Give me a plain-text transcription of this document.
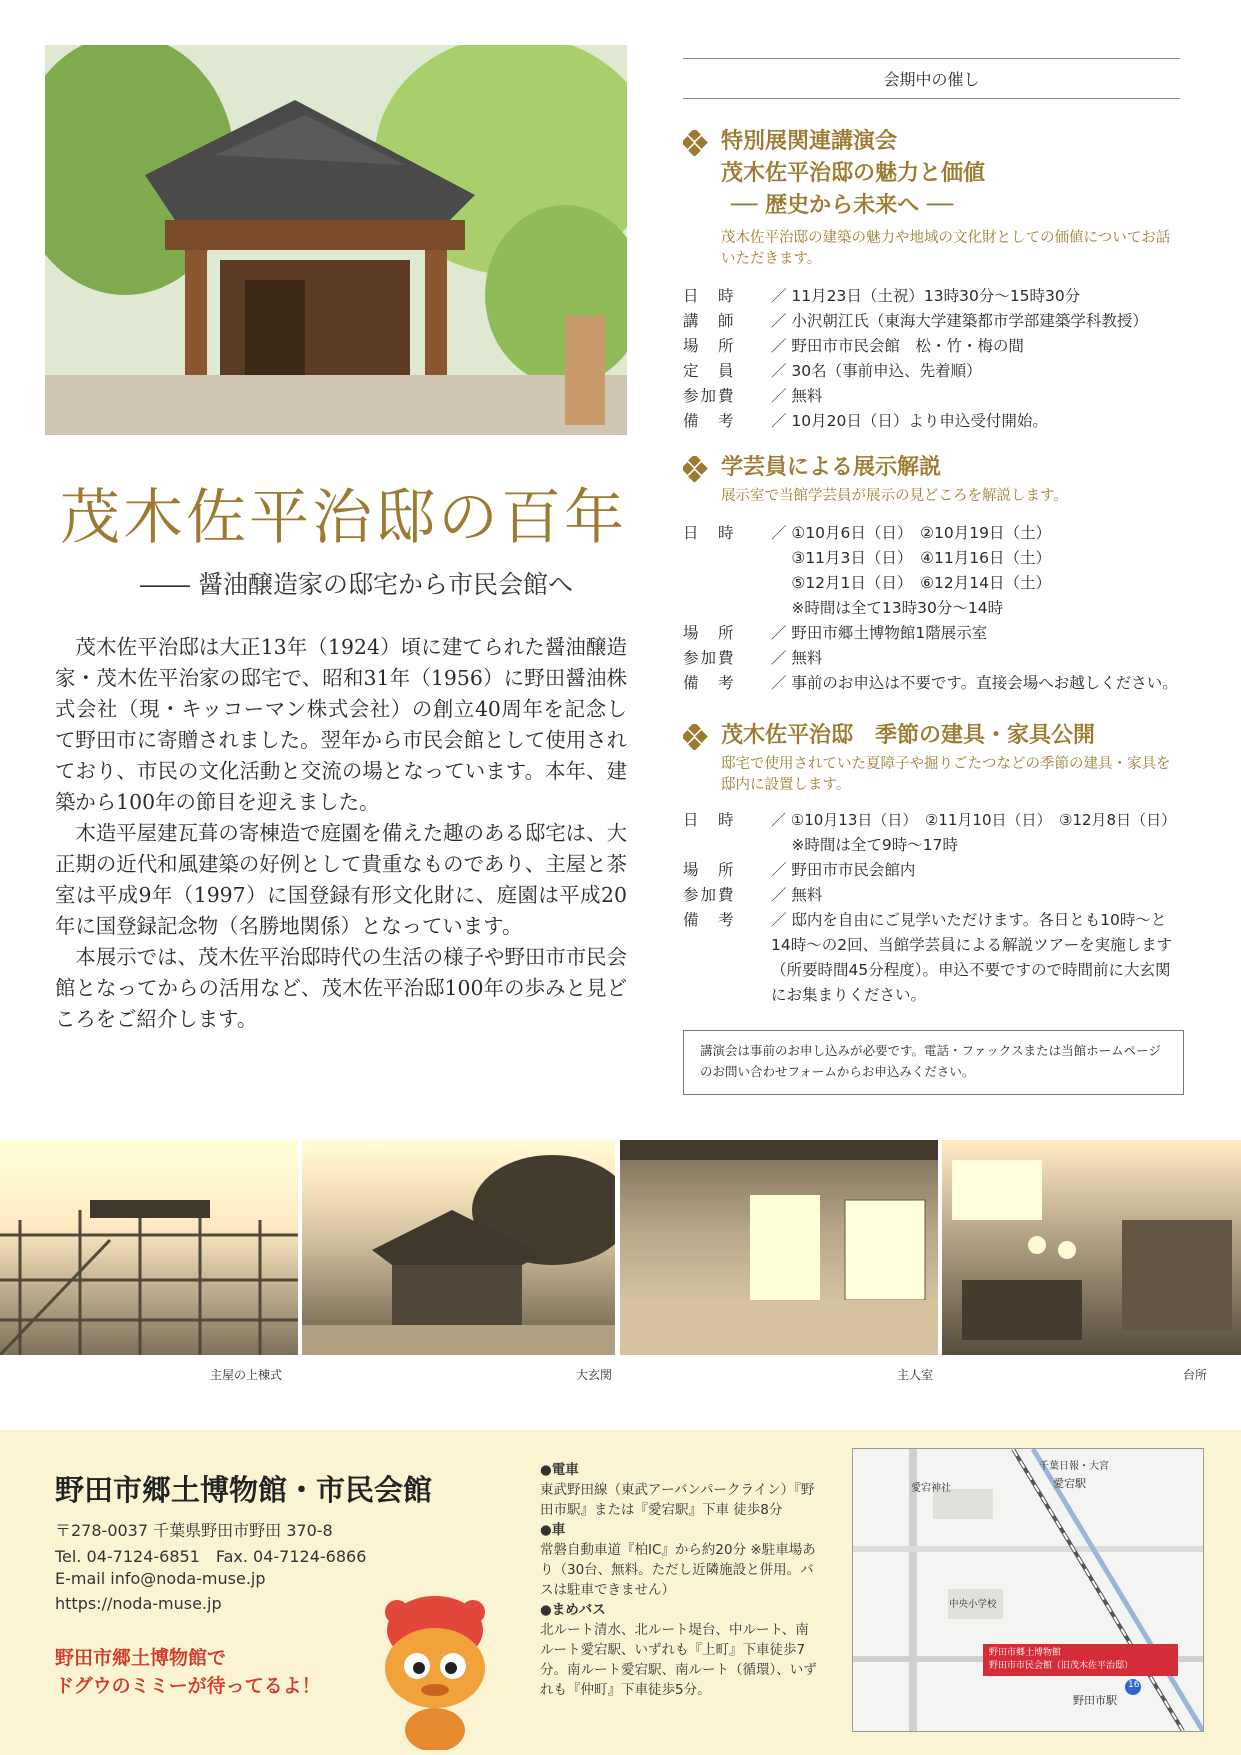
茂木佐平治邸の百年
―― 醤油醸造家の邸宅から市民会館へ

茂木佐平治邸は大正13年（1924）頃に建てられた醤油醸造家・茂木佐平治家の邸宅で、昭和31年（1956）に野田醤油株式会社（現・キッコーマン株式会社）の創立40周年を記念して野田市に寄贈されました。翌年から市民会館として使用されており、市民の文化活動と交流の場となっています。本年、建築から100年の節目を迎えました。

木造平屋建瓦葺の寄棟造で庭園を備えた趣のある邸宅は、大正期の近代和風建築の好例として貴重なものであり、主屋と茶室は平成9年（1997）に国登録有形文化財に、庭園は平成20年に国登録記念物（名勝地関係）となっています。

本展示では、茂木佐平治邸時代の生活の様子や野田市市民会館となってからの活用など、茂木佐平治邸100年の歩みと見どころをご紹介します。

会期中の催し
特別展関連講演会
茂木佐平治邸の魅力と価値
── 歴史から未来へ ──
茂木佐平治邸の建築の魅力や地域の文化財としての価値についてお話いただきます。
日　時	／ 11月23日（土祝）13時30分～15時30分
講　師	／ 小沢朝江氏（東海大学建築都市学部建築学科教授）
場　所	／ 野田市市民会館　松・竹・梅の間
定　員	／ 30名（事前申込、先着順）
参加費	／ 無料
備　考	／ 10月20日（日）より申込受付開始。
学芸員による展示解説
展示室で当館学芸員が展示の見どころを解説します。
日　時	／ ①10月6日（日）　②10月19日（土）
　 ③11月3日（日）　④11月16日（土）
　 ⑤12月1日（日）　⑥12月14日（土）
　 ※時間は全て13時30分～14時
場　所	／ 野田市郷土博物館1階展示室
参加費	／ 無料
備　考	／ 事前のお申込は不要です。直接会場へお越しください。
茂木佐平治邸　季節の建具・家具公開
邸宅で使用されていた夏障子や掘りごたつなどの季節の建具・家具を邸内に設置します。
日　時	／ ①10月13日（日）　②11月10日（日）　③12月8日（日）
　 ※時間は全て9時～17時
場　所	／ 野田市市民会館内
参加費	／ 無料
備　考	／ 邸内を自由にご見学いただけます。各日とも10時～と14時～の2回、当館学芸員による解説ツアーを実施します（所要時間45分程度）。申込不要ですので時間前に大玄関にお集まりください。
講演会は事前のお申し込みが必要です。電話・ファックスまたは当館ホームページのお問い合わせフォームからお申込みください。
主屋の上棟式	大玄関	主人室	台所
野田市郷土博物館・市民会館
〒278-0037 千葉県野田市野田 370-8
Tel. 04-7124-6851　Fax. 04-7124-6866
E-mail info@noda-muse.jp
https://noda-muse.jp
野田市郷土博物館で
ドグウのミミーが待ってるよ！
●電車
東武野田線（東武アーバンパークライン）『野田市駅』または『愛宕駅』下車 徒歩8分
●車
常磐自動車道『柏IC』から約20分 ※駐車場あり（30台、無料。ただし近隣施設と併用。バスは駐車できません）
●まめバス
北ルート清水、北ルート堤台、中ルート、南ルート愛宕駅、いずれも『上町』下車徒歩7分。南ルート愛宕駅、南ルート（循環）、いずれも『仲町』下車徒歩5分。
千葉日報・大宮
愛宕駅
野田市駅
愛宕神社
中央小学校
野田市郷土博物館
野田市市民会館（旧茂木佐平治邸）
16
